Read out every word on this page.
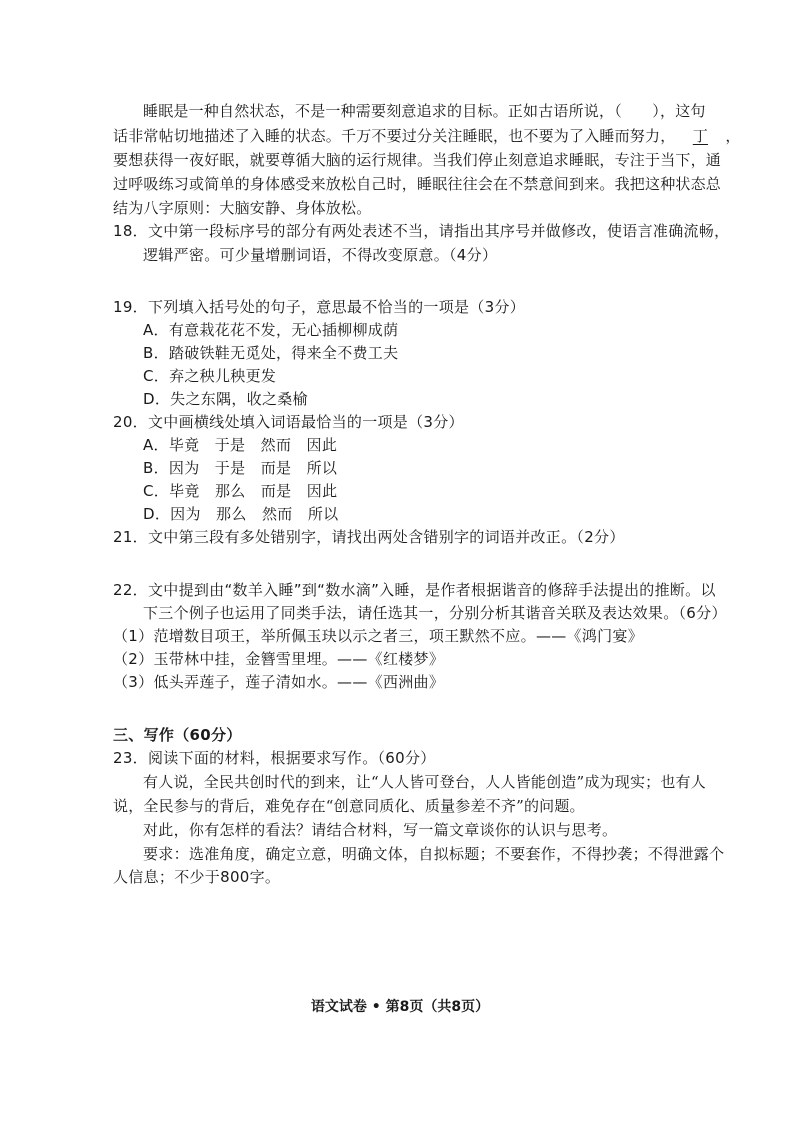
睡眠是一种自然状态，不是一种需要刻意追求的目标。正如古语所说，（　　），这句
话非常帖切地描述了入睡的状态。千万不要过分关注睡眠，也不要为了入睡而努力， 丁 ，
要想获得一夜好眠，就要尊循大脑的运行规律。当我们停止刻意追求睡眠，专注于当下，通
过呼吸练习或简单的身体感受来放松自己时，睡眠往往会在不禁意间到来。我把这种状态总
结为八字原则：大脑安静、身体放松。
18．文中第一段标序号的部分有两处表述不当，请指出其序号并做修改，使语言准确流畅，
逻辑严密。可少量增删词语，不得改变原意。（4分）
19．下列填入括号处的句子，意思最不恰当的一项是（3分）
A．有意栽花花不发，无心插柳柳成荫
B．踏破铁鞋无觅处，得来全不费工夫
C．弃之秧儿秧更发
D．失之东隅，收之桑榆
20．文中画横线处填入词语最恰当的一项是（3分）
A．毕竟　于是　然而　因此
B．因为　于是　而是　所以
C．毕竟　那么　而是　因此
D．因为　那么　然而　所以
21．文中第三段有多处错别字，请找出两处含错别字的词语并改正。（2分）
22．文中提到由“数羊入睡”到“数水滴”入睡，是作者根据谐音的修辞手法提出的推断。以
下三个例子也运用了同类手法，请任选其一，分别分析其谐音关联及表达效果。（6分）
（1）范增数目项王，举所佩玉玦以示之者三，项王默然不应。——《鸿门宴》
（2）玉带林中挂，金簪雪里埋。——《红楼梦》
（3）低头弄莲子，莲子清如水。——《西洲曲》
三、写作（60分）
23．阅读下面的材料，根据要求写作。（60分）
有人说，全民共创时代的到来，让“人人皆可登台，人人皆能创造”成为现实；也有人
说，全民参与的背后，难免存在“创意同质化、质量参差不齐”的问题。
对此，你有怎样的看法？请结合材料，写一篇文章谈你的认识与思考。
要求：选准角度，确定立意，明确文体，自拟标题；不要套作，不得抄袭；不得泄露个
人信息；不少于800字。
语文试卷 • 第8页（共8页）
